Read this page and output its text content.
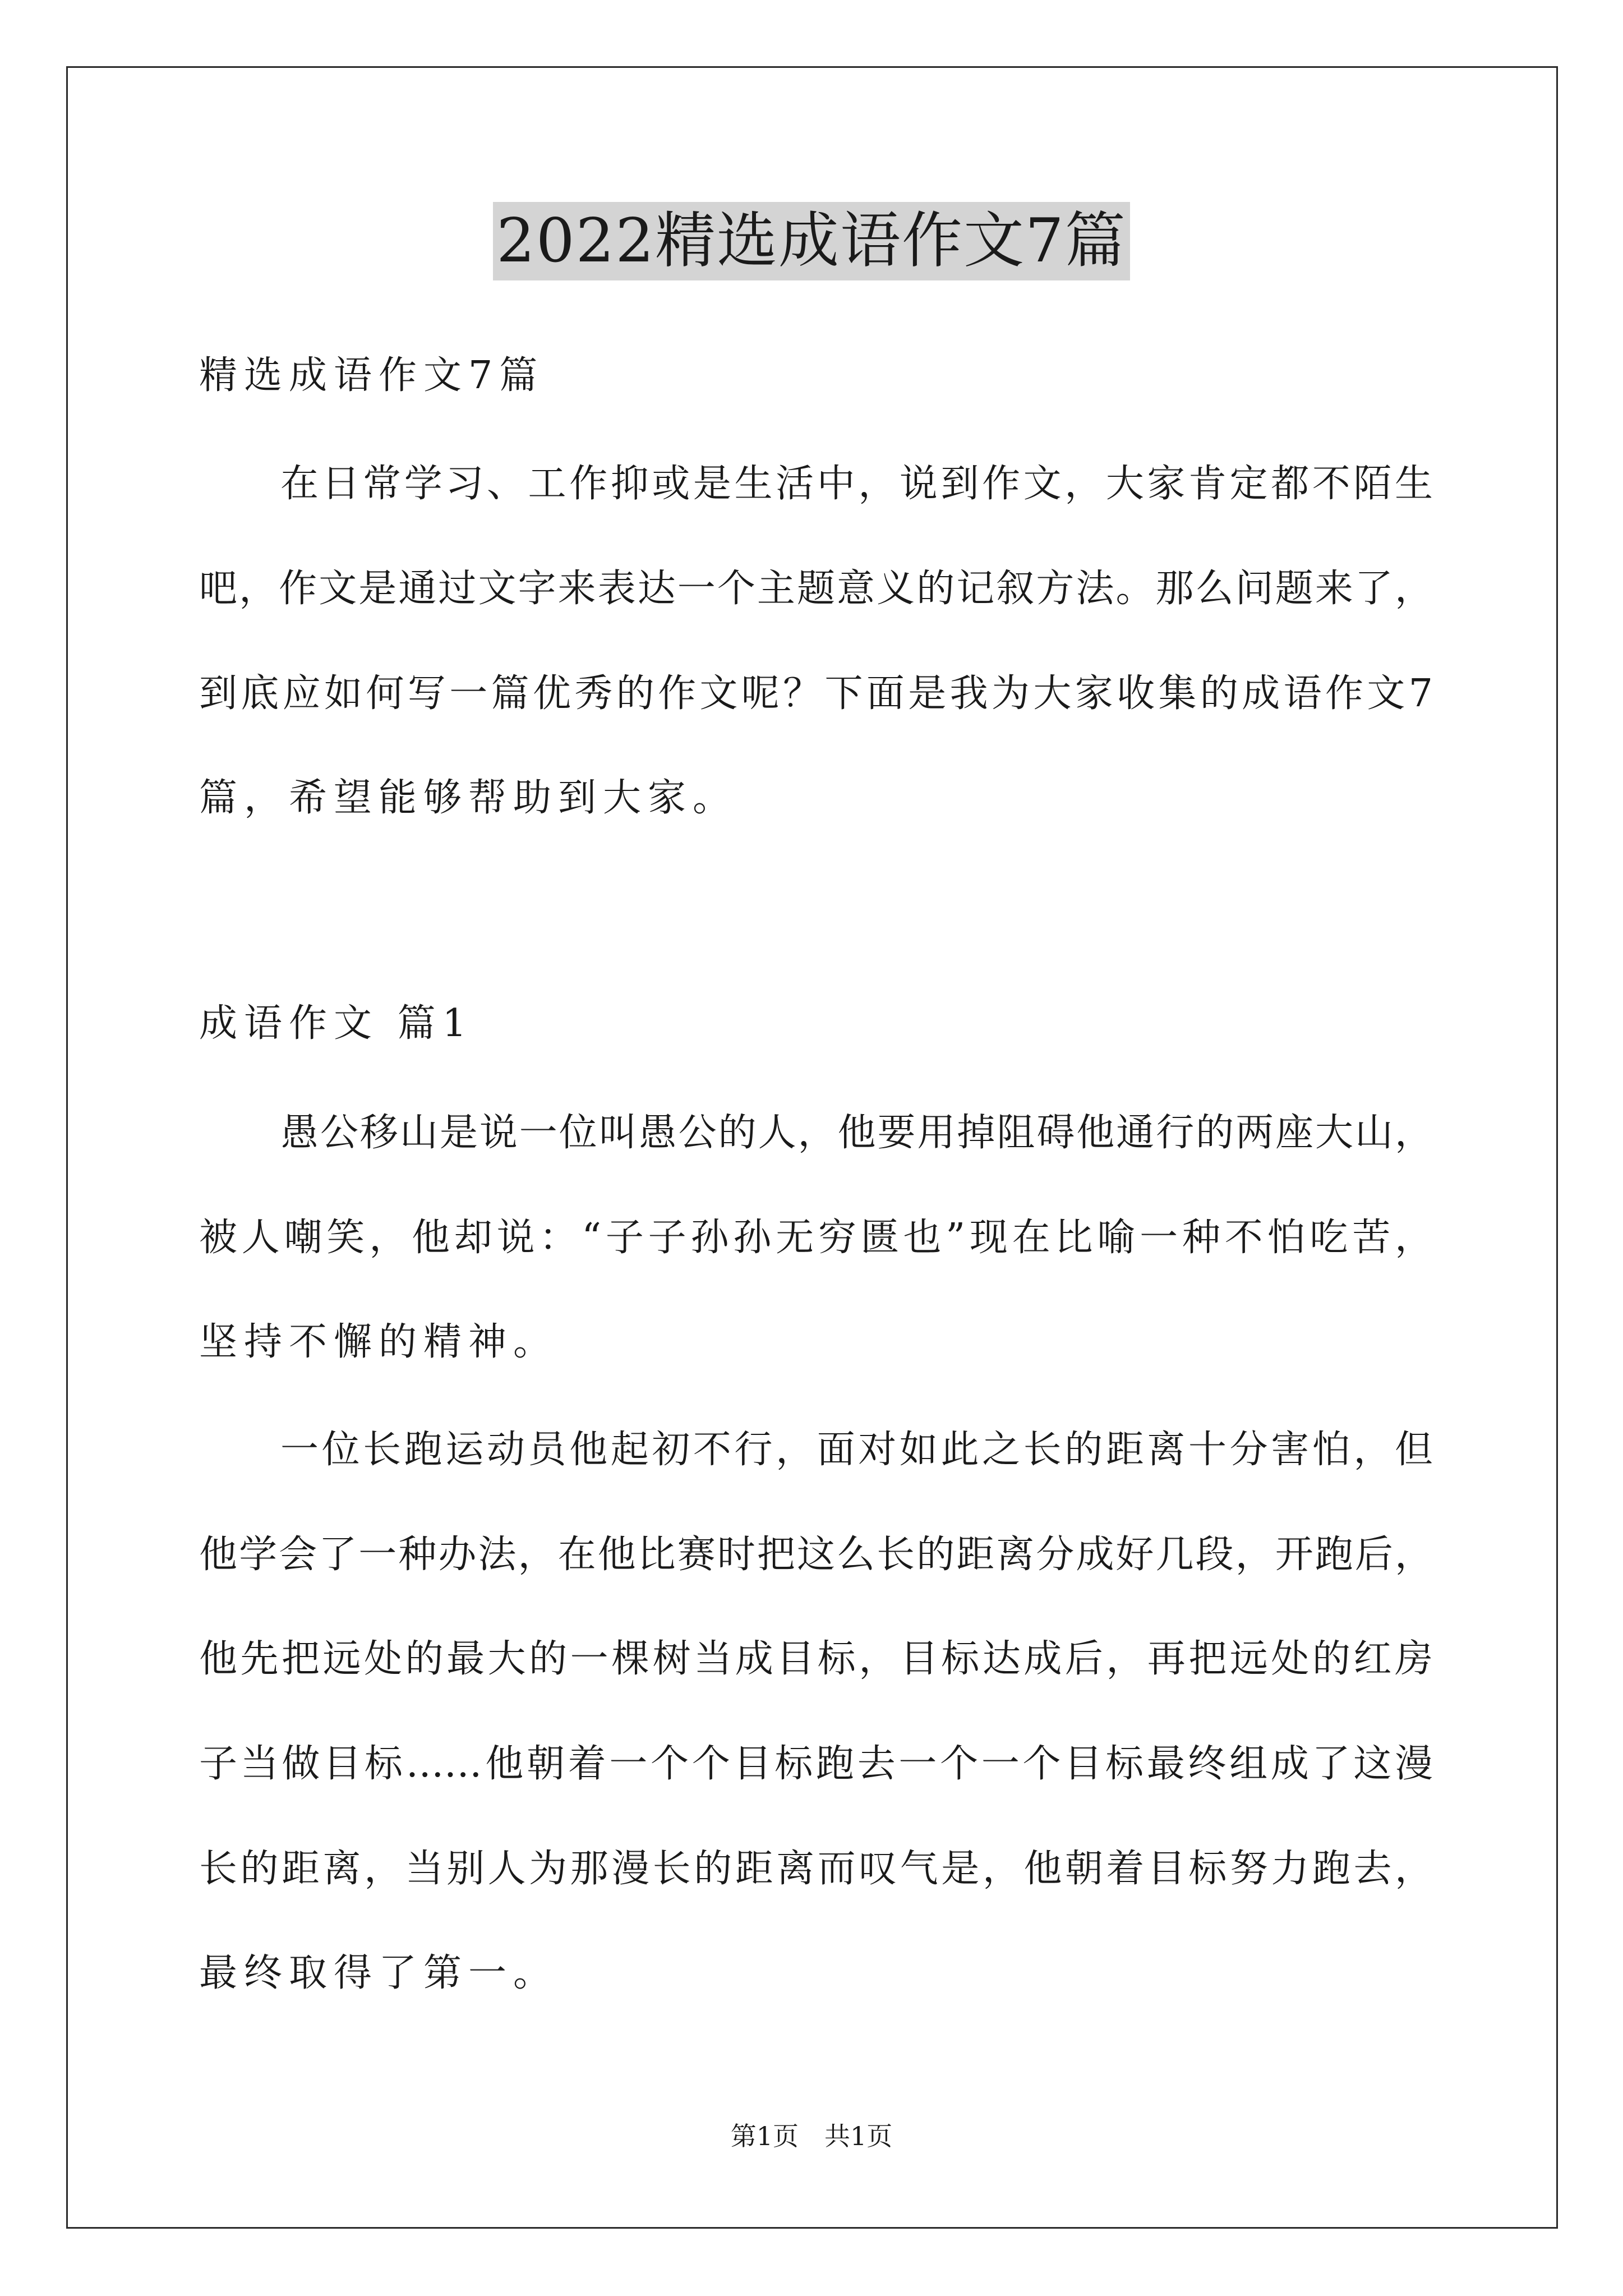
2022精选成语作文7篇
精选成语作文7篇
在日常学习、工作抑或是生活中，说到作文，大家肯定都不陌生
吧，作文是通过文字来表达一个主题意义的记叙方法。那么问题来了，
到底应如何写一篇优秀的作文呢？下面是我为大家收集的成语作文7
篇，希望能够帮助到大家。
成语作文 篇1
愚公移山是说一位叫愚公的人，他要用掉阻碍他通行的两座大山，
被人嘲笑，他却说：“子子孙孙无穷匮也”现在比喻一种不怕吃苦，
坚持不懈的精神。
一位长跑运动员他起初不行，面对如此之长的距离十分害怕，但
他学会了一种办法，在他比赛时把这么长的距离分成好几段，开跑后，
他先把远处的最大的一棵树当成目标，目标达成后，再把远处的红房
子当做目标……他朝着一个个目标跑去一个一个目标最终组成了这漫
长的距离，当别人为那漫长的距离而叹气是，他朝着目标努力跑去，
最终取得了第一。
第1页　共1页
